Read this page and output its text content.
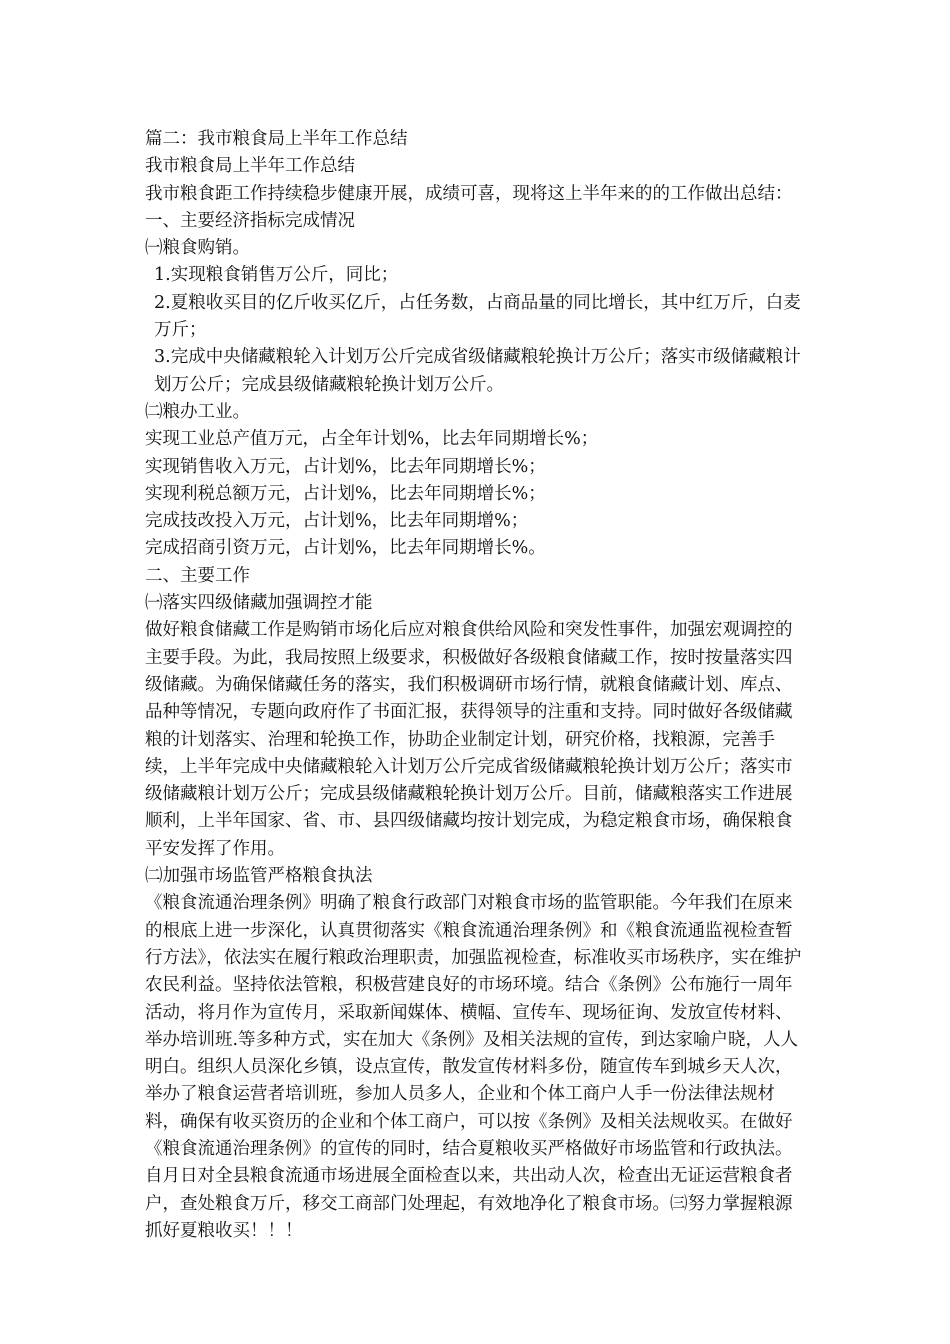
篇二：我市粮食局上半年工作总结

我市粮食局上半年工作总结

我市粮食距工作持续稳步健康开展，成绩可喜，现将这上半年来的的工作做出总结：

一、主要经济指标完成情况

㈠粮食购销。

1.实现粮食销售万公斤，同比；

2.夏粮收买目的亿斤收买亿斤，占任务数，占商品量的同比增长，其中红万斤，白麦万斤；

3.完成中央储藏粮轮入计划万公斤完成省级储藏粮轮换计万公斤；落实市级储藏粮计划万公斤；完成县级储藏粮轮换计划万公斤。

㈡粮办工业。

实现工业总产值万元，占全年计划%，比去年同期增长%；

实现销售收入万元，占计划%，比去年同期增长%；

实现利税总额万元，占计划%，比去年同期增长%；

完成技改投入万元，占计划%，比去年同期增%；

完成招商引资万元，占计划%，比去年同期增长%。

二、主要工作

㈠落实四级储藏加强调控才能

做好粮食储藏工作是购销市场化后应对粮食供给风险和突发性事件，加强宏观调控的主要手段。为此，我局按照上级要求，积极做好各级粮食储藏工作，按时按量落实四级储藏。为确保储藏任务的落实，我们积极调研市场行情，就粮食储藏计划、库点、品种等情况，专题向政府作了书面汇报，获得领导的注重和支持。同时做好各级储藏粮的计划落实、治理和轮换工作，协助企业制定计划，研究价格，找粮源，完善手续，上半年完成中央储藏粮轮入计划万公斤完成省级储藏粮轮换计划万公斤；落实市级储藏粮计划万公斤；完成县级储藏粮轮换计划万公斤。目前，储藏粮落实工作进展顺利，上半年国家、省、市、县四级储藏均按计划完成，为稳定粮食市场，确保粮食平安发挥了作用。

㈡加强市场监管严格粮食执法

《粮食流通治理条例》明确了粮食行政部门对粮食市场的监管职能。今年我们在原来的根底上进一步深化，认真贯彻落实《粮食流通治理条例》和《粮食流通监视检查暂行方法》，依法实在履行粮政治理职责，加强监视检查，标准收买市场秩序，实在维护农民利益。坚持依法管粮，积极营建良好的市场环境。结合《条例》公布施行一周年活动，将月作为宣传月，采取新闻媒体、横幅、宣传车、现场征询、发放宣传材料、举办培训班.等多种方式，实在加大《条例》及相关法规的宣传，到达家喻户晓，人人明白。组织人员深化乡镇，设点宣传，散发宣传材料多份，随宣传车到城乡天人次，举办了粮食运营者培训班，参加人员多人，企业和个体工商户人手一份法律法规材料，确保有收买资历的企业和个体工商户，可以按《条例》及相关法规收买。在做好《粮食流通治理条例》的宣传的同时，结合夏粮收买严格做好市场监管和行政执法。自月日对全县粮食流通市场进展全面检查以来，共出动人次，检查出无证运营粮食者户，查处粮食万斤，移交工商部门处理起，有效地净化了粮食市场。㈢努力掌握粮源抓好夏粮收买！！！
